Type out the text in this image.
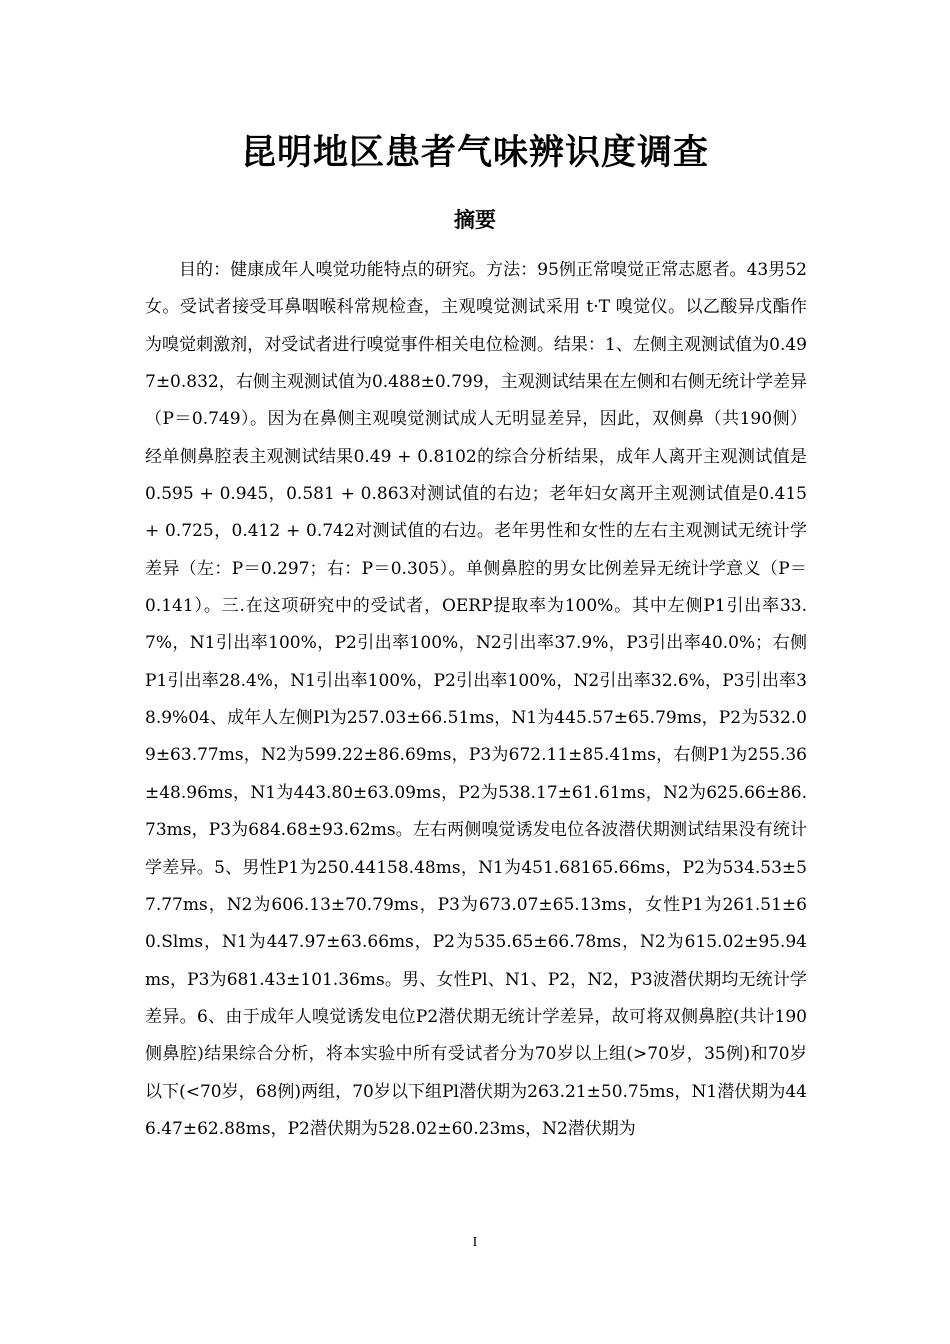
昆明地区患者气味辨识度调查
摘要

目的：健康成年人嗅觉功能特点的研究。方法：95例正常嗅觉正常志愿者。43男52女。受试者接受耳鼻咽喉科常规检查，主观嗅觉测试采用 t·T 嗅觉仪。以乙酸异戊酯作为嗅觉刺激剂，对受试者进行嗅觉事件相关电位检测。结果：1、左侧主观测试值为0.497±0.832，右侧主观测试值为0.488±0.799，主观测试结果在左侧和右侧无统计学差异（P＝0.749）。因为在鼻侧主观嗅觉测试成人无明显差异，因此，双侧鼻（共190侧）经单侧鼻腔表主观测试结果0.49 + 0.8102的综合分析结果，成年人离开主观测试值是0.595 + 0.945，0.581 + 0.863对测试值的右边；老年妇女离开主观测试值是0.415 + 0.725，0.412 + 0.742对测试值的右边。老年男性和女性的左右主观测试无统计学差异（左：P＝0.297；右：P＝0.305）。单侧鼻腔的男女比例差异无统计学意义（P＝0.141）。三.在这项研究中的受试者，OERP提取率为100%。其中左侧P1引出率33.7%，N1引出率100%，P2引出率100%，N2引出率37.9%，P3引出率40.0%；右侧P1引出率28.4%，N1引出率100%，P2引出率100%，N2引出率32.6%，P3引出率38.9%04、成年人左侧Pl为257.03±66.51ms，N1为445.57±65.79ms，P2为532.09±63.77ms，N2为599.22±86.69ms，P3为672.11±85.41ms，右侧P1为255.36±48.96ms，N1为443.80±63.09ms，P2为538.17±61.61ms，N2为625.66±86.73ms，P3为684.68±93.62ms。左右两侧嗅觉诱发电位各波潜伏期测试结果没有统计学差异。5、男性P1为250.44158.48ms，N1为451.68165.66ms，P2为534.53±57.77ms，N2为606.13±70.79ms，P3为673.07±65.13ms，女性P1为261.51±60.Slms，N1为447.97±63.66ms，P2为535.65±66.78ms，N2为615.02±95.94ms，P3为681.43±101.36ms。男、女性Pl、N1、P2，N2，P3波潜伏期均无统计学差异。6、由于成年人嗅觉诱发电位P2潜伏期无统计学差异，故可将双侧鼻腔(共计190侧鼻腔)结果综合分析，将本实验中所有受试者分为70岁以上组(>70岁，35例)和70岁以下(<70岁，68例)两组，70岁以下组Pl潜伏期为263.21±50.75ms，N1潜伏期为446.47±62.88ms，P2潜伏期为528.02±60.23ms，N2潜伏期为

I
